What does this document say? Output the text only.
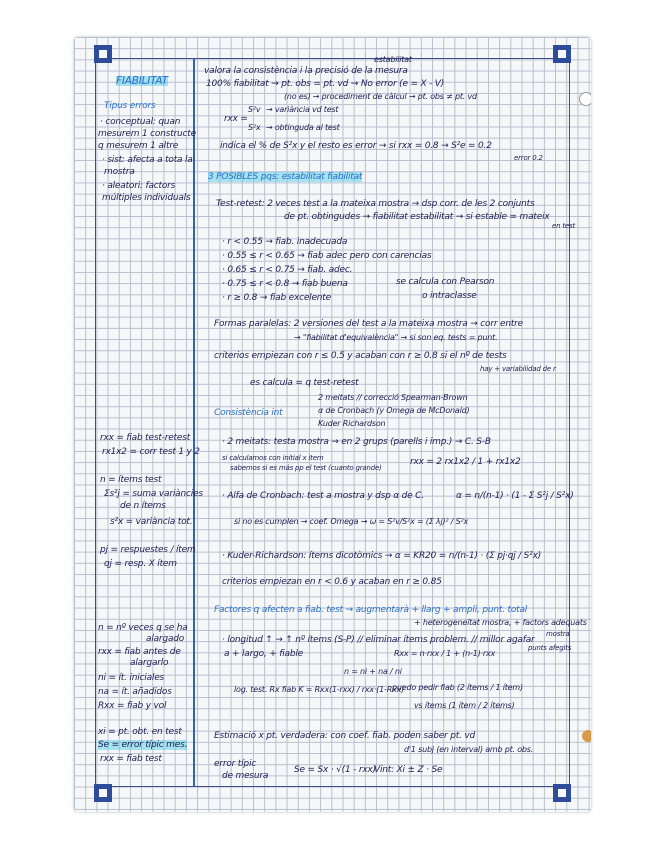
FIABILITAT
Tipus errors
· conceptual: quan
mesurem 1 constructe
q mesurem 1 altre
· sist: afecta a tota la
mostra
· aleatori: factors
múltiples individuals
rxx = fiab test-retest
rx1x2 = corr test 1 y 2
n = ítems test
Σs²j = suma variàncies
de n ítems
s²x = variància tot.
pj = respuestes / ítem
qj = resp. X ítem
n = nº veces q se ha
alargado
rxx = fiab antes de
alargarlo
ni = ít. iniciales
na = ít. añadidos
Rxx = fiab y vol
xi = pt. obt. en test
Se = error típic mes.
rxx = fiab test
estabilitat
valora la consistència i la precisió de la mesura
100% fiabilitat → pt. obs = pt. vd → No error (e = X - V)
(no es) → procediment de càlcul → pt. obs ≠ pt. vd
S²v → variància vd test
rxx =
S²x → obtinguda al test
indica el % de S²x y el resto es error → si rxx = 0.8 → S²e = 0.2
error 0.2
3 POSIBLES pqs: estabilitat fiabilitat
Test-retest: 2 veces test a la mateixa mostra → dsp corr. de les 2 conjunts
de pt. obtingudes → fiabilitat estabilitat → si estable = mateix
en test
· r < 0.55 → fiab. inadecuada
· 0.55 ≤ r < 0.65 → fiab adec pero con carencias
· 0.65 ≤ r < 0.75 → fiab. adec.
· 0.75 ≤ r < 0.8 → fiab buena
· r ≥ 0.8 → fiab excelente
se calcula con Pearson
o intraclasse
Formas paralelas: 2 versiones del test a la mateixa mostra → corr entre
→ "fiabilitat d'equivalència" → si son eq. tests = punt.
criterios empiezan con r ≤ 0.5 y acaban con r ≥ 0.8 si el nº de tests
hay + variabilidad de r
es calcula = q test-retest
Consistència int
2 meitats // correcció Spearman-Brown
α de Cronbach (y Omega de McDonald)
Kuder Richardson
· 2 meitats: testa mostra → en 2 grups (parells i imp.) → C. S-B
si calculamos con initial x item
sabemos si es más pp el test (cuanto grande)
rxx = 2 rx1x2 / 1 + rx1x2
· Alfa de Cronbach: test a mostra y dsp α de C.	α = n/(n-1) · (1 - Σ S²j / S²x)
si no es cumplen → coef. Omega → ω = S²v/S²x = (Σ λj)² / S²x
· Kuder-Richardson: ítems dicotòmics → α = KR20 = n/(n-1) · (Σ pj·qj / S²x)
criterios empiezan en r < 0.6 y acaban en r ≥ 0.85
Factores q afecten a fiab. test → augmentarà + llarg + ampli, punt. total
+ heterogeneïtat mostra, + factors adequats
mostra
· longitud ↑ → ↑ nº ítems (S-P) // eliminar ítems problem. // millor agafar
a + largo, + fiable	Rxx = n·rxx / 1 + (n-1)·rxx
n = ni + na / ni
punts afegits
log. test. Rx fiab K = Rxx(1-rxx) / rxx·(1-Rxx)
puedo pedir fiab (2 ítems / 1 ítem)
vs ítems (1 ítem / 2 ítems)
Estimació x pt. verdadera: con coef. fiab. poden saber pt. vd
d'1 subj (en interval) amb pt. obs.
error típic
de mesura
Se = Sx · √(1 - rxx)
Vint: Xi ± Z · Se
